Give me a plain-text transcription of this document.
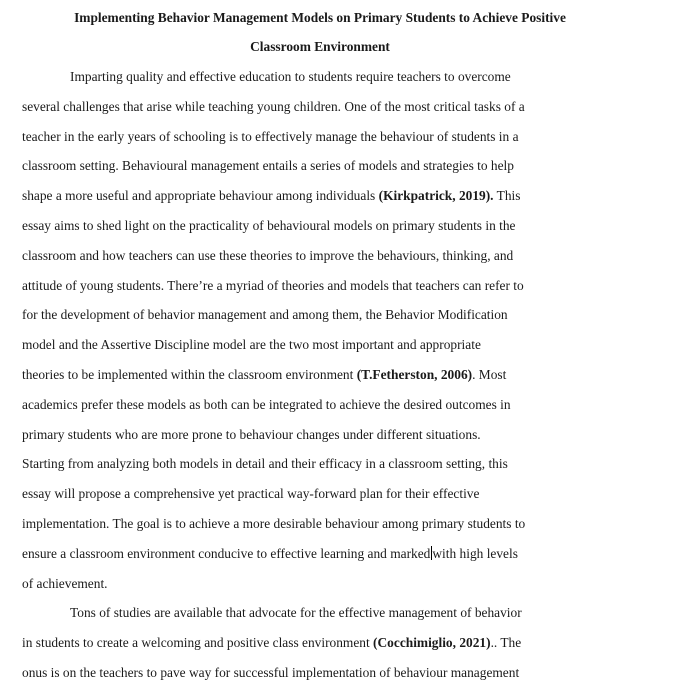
Implementing Behavior Management Models on Primary Students to Achieve Positive
Classroom Environment
Imparting quality and effective education to students require teachers to overcome
several challenges that arise while teaching young children. One of the most critical tasks of a
teacher in the early years of schooling is to effectively manage the behaviour of students in a
classroom setting. Behavioural management entails a series of models and strategies to help
shape a more useful and appropriate behaviour among individuals (Kirkpatrick, 2019). This
essay aims to shed light on the practicality of behavioural models on primary students in the
classroom and how teachers can use these theories to improve the behaviours, thinking, and
attitude of young students. There’re a myriad of theories and models that teachers can refer to
for the development of behavior management and among them, the Behavior Modification
model and the Assertive Discipline model are the two most important and appropriate
theories to be implemented within the classroom environment (T.Fetherston, 2006). Most
academics prefer these models as both can be integrated to achieve the desired outcomes in
primary students who are more prone to behaviour changes under different situations.
Starting from analyzing both models in detail and their efficacy in a classroom setting, this
essay will propose a comprehensive yet practical way-forward plan for their effective
implementation. The goal is to achieve a more desirable behaviour among primary students to
ensure a classroom environment conducive to effective learning and marked with high levels
of achievement.
Tons of studies are available that advocate for the effective management of behavior
in students to create a welcoming and positive class environment (Cocchimiglio, 2021).. The
onus is on the teachers to pave way for successful implementation of behaviour management
